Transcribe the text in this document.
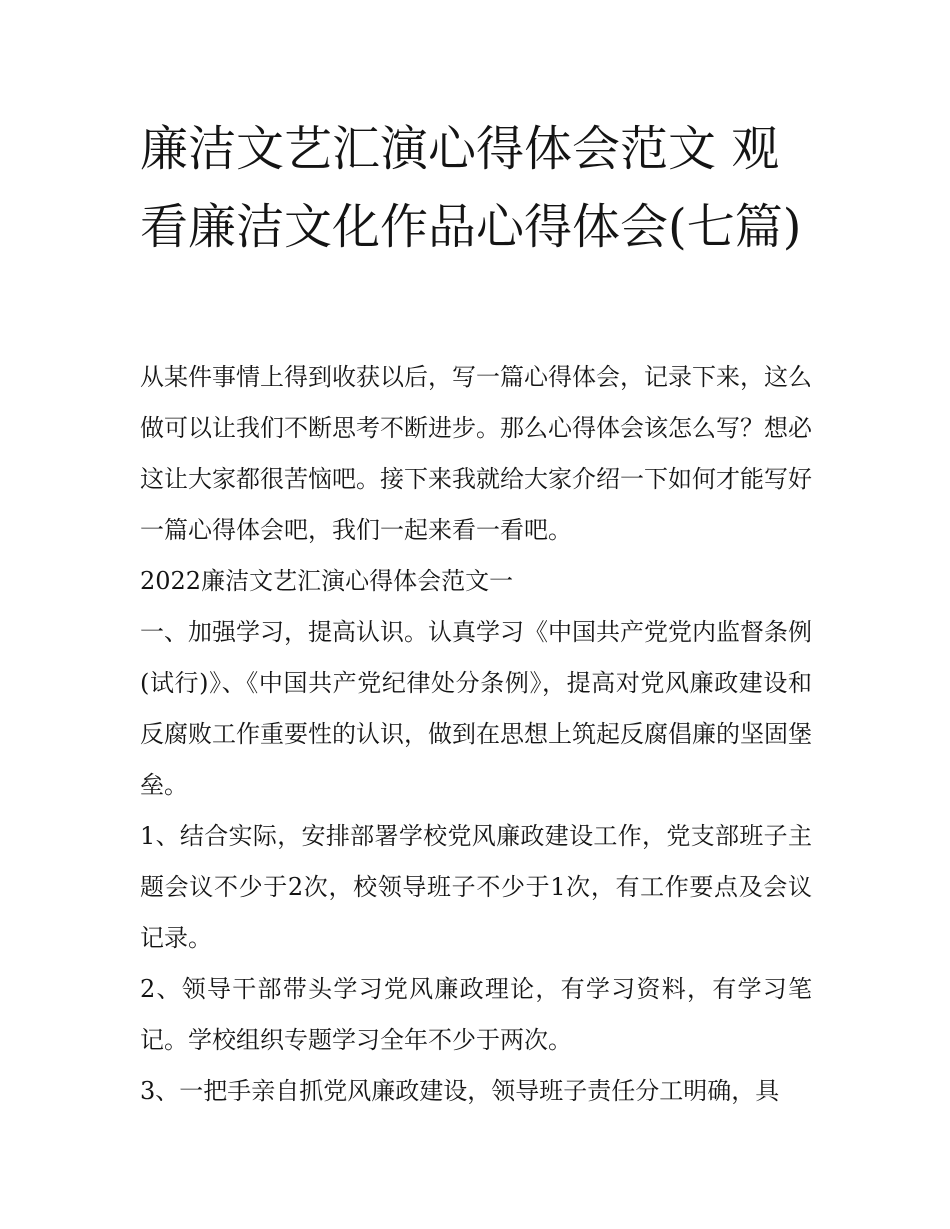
廉洁文艺汇演心得体会范文 观看廉洁文化作品心得体会(七篇)

从某件事情上得到收获以后，写一篇心得体会，记录下来，这么做可以让我们不断思考不断进步。那么心得体会该怎么写？想必这让大家都很苦恼吧。接下来我就给大家介绍一下如何才能写好一篇心得体会吧，我们一起来看一看吧。

2022廉洁文艺汇演心得体会范文一

一、加强学习，提高认识。认真学习《中国共产党党内监督条例(试行)》、《中国共产党纪律处分条例》，提高对党风廉政建设和反腐败工作重要性的认识，做到在思想上筑起反腐倡廉的坚固堡垒。

1、结合实际，安排部署学校党风廉政建设工作，党支部班子主题会议不少于2次，校领导班子不少于1次，有工作要点及会议记录。

2、领导干部带头学习党风廉政理论，有学习资料，有学习笔记。学校组织专题学习全年不少于两次。

3、一把手亲自抓党风廉政建设，领导班子责任分工明确，具
